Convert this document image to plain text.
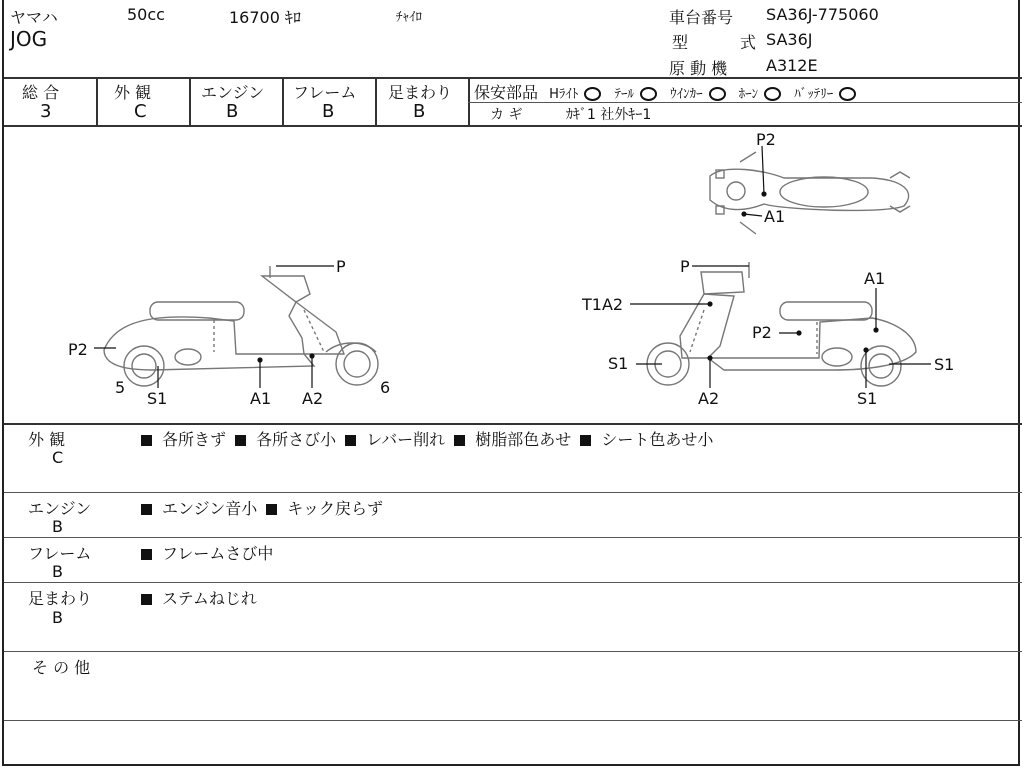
ヤマハ
JOG
50cc	16700 ｷﾛ	ﾁｬｲﾛ	車台番号 SA36J-775060
型	式 SA36J
原 動 機 A312E
総 合
3
外 観
C
エンジン
B
フレーム
B
足まわり
B
保安部品 Hﾗｲﾄ ○ ﾃｰﾙ ○ ｳｲﾝｶｰ ○ ﾎｰﾝ ○ ﾊﾞｯﾃﾘｰ
カ ギ	ｶｷﾞ1 社外ｷｰ1
P
P2
5
S1	A1 A2
6
P2
A1
P
A1
T1A2
P2
S1	S1
S1
A2
外 観
C
各所きず 各所さび小 レバー削れ 樹脂部色あせ シート色あせ小
エンジン
B
エンジン音小 キック戻らず
フレーム
B
フレームさび中
足まわり
B
ステムねじれ
そ の 他
